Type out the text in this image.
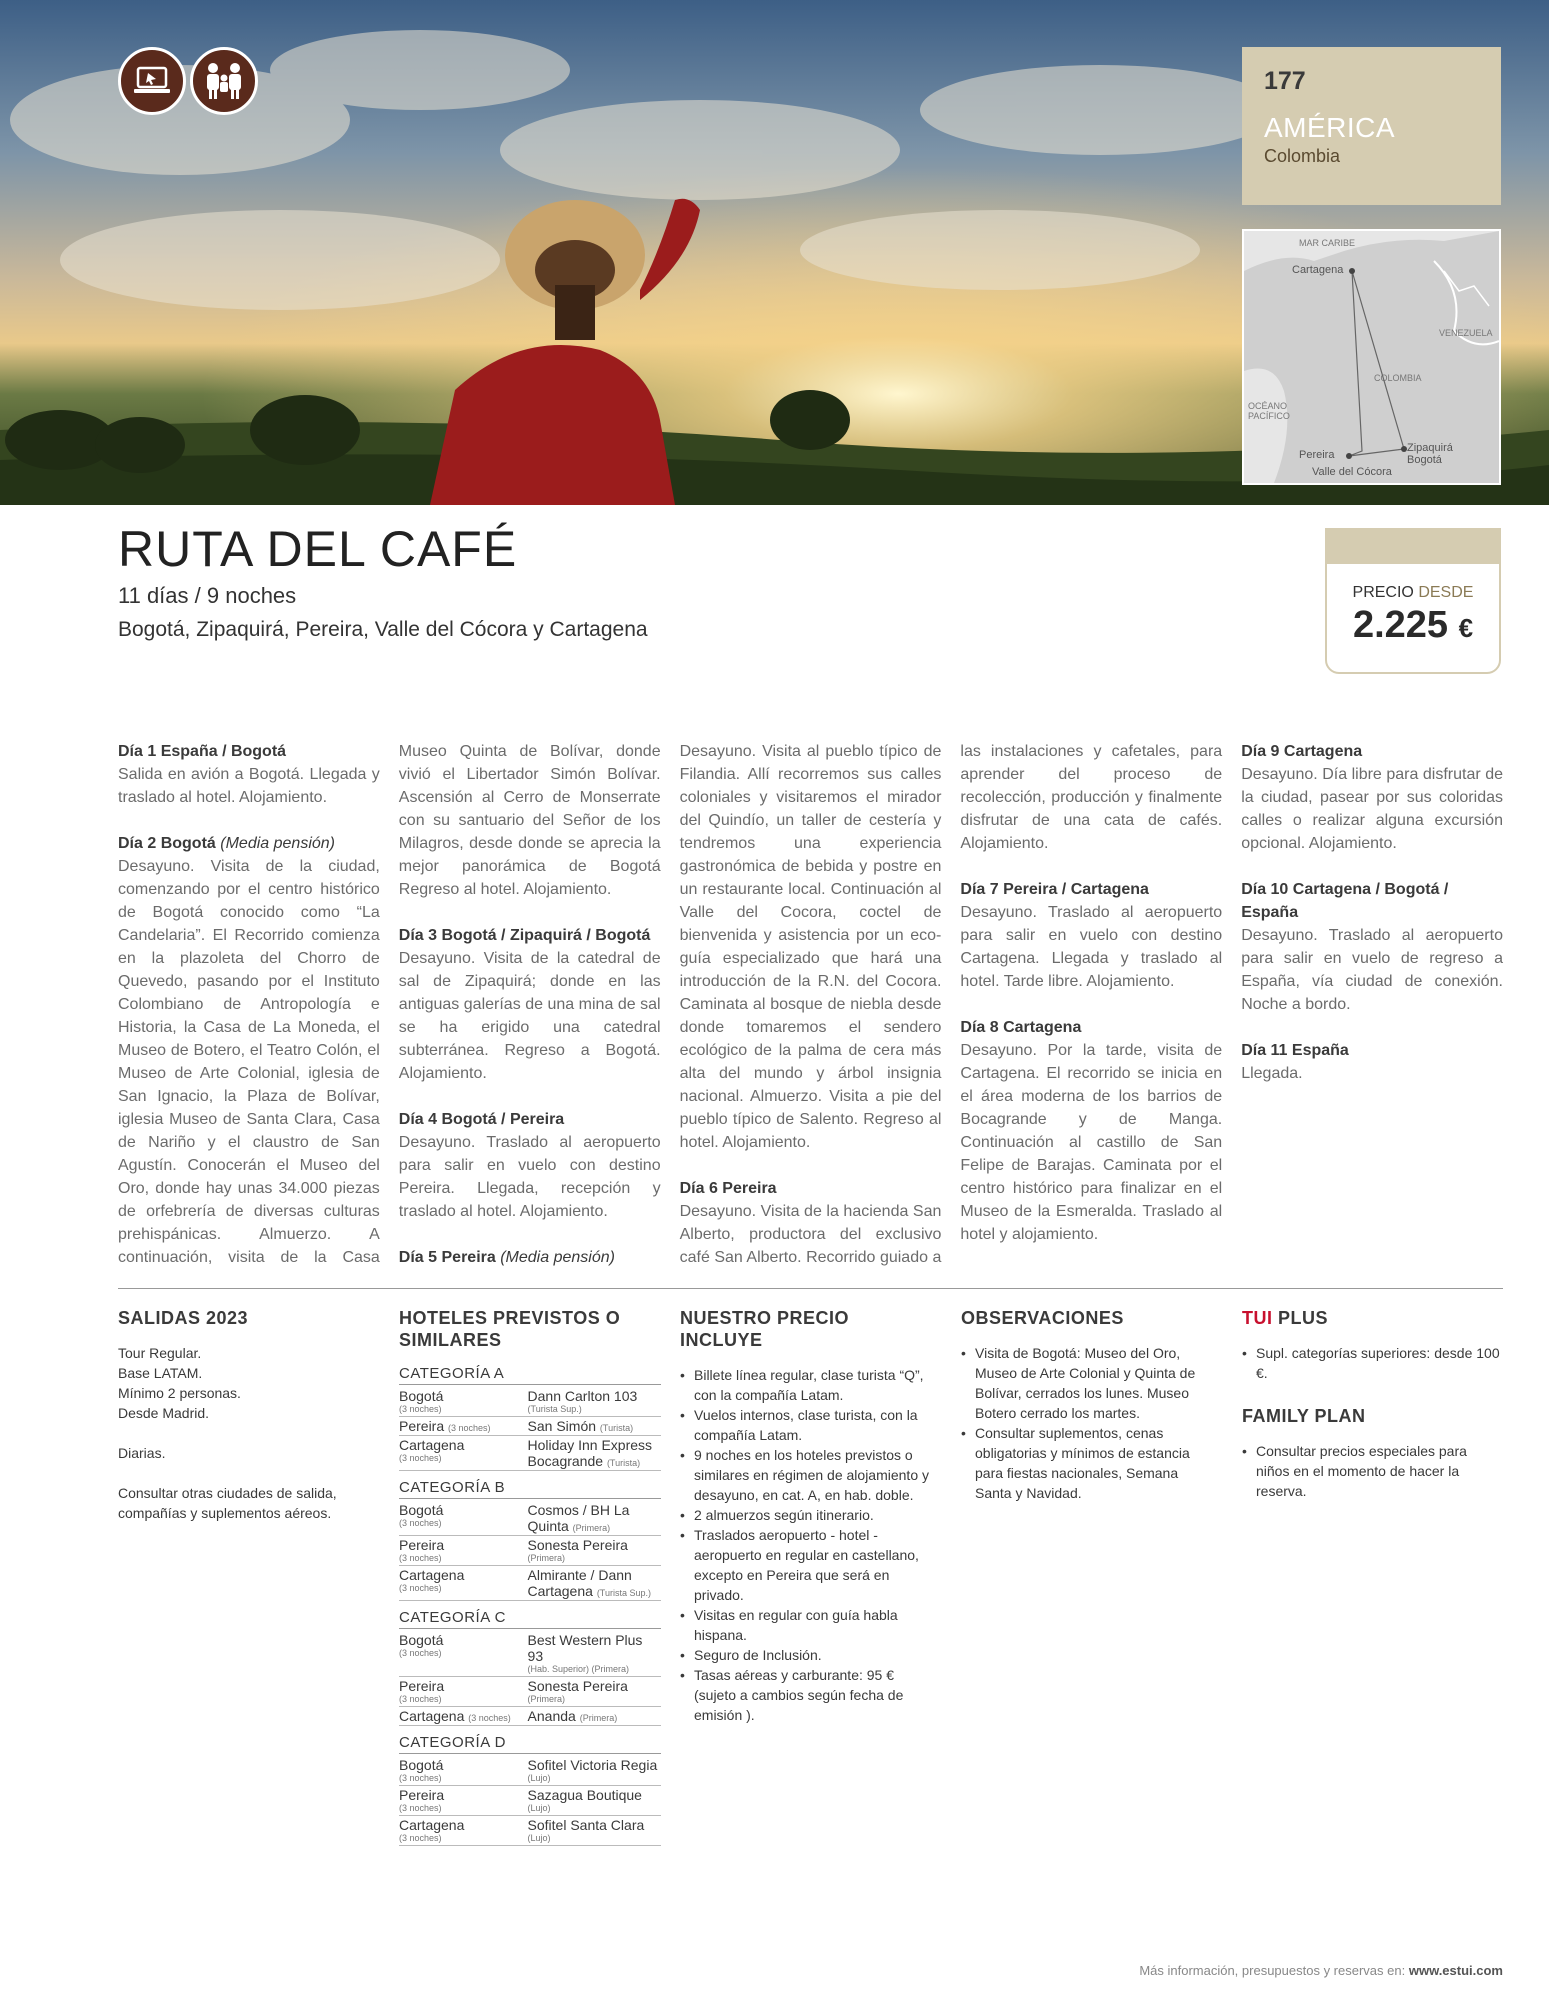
177
AMÉRICA
Colombia
MAR CARIBE
VENEZUELA
COLOMBIA
OCÉANO
PACÍFICO
Cartagena
Pereira
Zipaquirá
Bogotá
Valle del Cócora
RUTA DEL CAFÉ
11 días / 9 noches
Bogotá, Zipaquirá, Pereira, Valle del Cócora y Cartagena
PRECIO DESDE
2.225 €
Día 1 España / Bogotá
Salida en avión a Bogotá. Llegada y traslado al hotel. Alojamiento.
Día 2 Bogotá (Media pensión)
Desayuno. Visita de la ciudad, comenzando por el centro histórico de Bogotá conocido como “La Candelaria”. El Recorrido comienza en la plazoleta del Chorro de Quevedo, pasando por el Instituto Colombiano de Antropología e Historia, la Casa de La Moneda, el Museo de Botero, el Teatro Colón, el Museo de Arte Colonial, iglesia de San Ignacio, la Plaza de Bolívar, iglesia Museo de Santa Clara, Casa de Nariño y el claustro de San Agustín. Conocerán el Museo del Oro, donde hay unas 34.000 piezas de orfebrería de diversas culturas prehispánicas. Almuerzo. A continuación, visita de la Casa Museo Quinta de Bolívar, donde vivió el Libertador Simón Bolívar. Ascensión al Cerro de Monserrate con su santuario del Señor de los Milagros, desde donde se aprecia la mejor panorámica de Bogotá Regreso al hotel. Alojamiento.
Día 3 Bogotá / Zipaquirá / Bogotá
Desayuno. Visita de la catedral de sal de Zipaquirá; donde en las antiguas galerías de una mina de sal se ha erigido una catedral subterránea. Regreso a Bogotá. Alojamiento.
Día 4 Bogotá / Pereira
Desayuno. Traslado al aeropuerto para salir en vuelo con destino Pereira. Llegada, recepción y traslado al hotel. Alojamiento.
Día 5 Pereira (Media pensión)
Desayuno. Visita al pueblo típico de Filandia. Allí recorremos sus calles coloniales y visitaremos el mirador del Quindío, un taller de cestería y tendremos una experiencia gastronómica de bebida y postre en un restaurante local. Continuación al Valle del Cocora, coctel de bienvenida y asistencia por un eco-guía especializado que hará una introducción de la R.N. del Cocora. Caminata al bosque de niebla desde donde tomaremos el sendero ecológico de la palma de cera más alta del mundo y árbol insignia nacional. Almuerzo. Visita a pie del pueblo típico de Salento. Regreso al hotel. Alojamiento.
Día 6 Pereira
Desayuno. Visita de la hacienda San Alberto, productora del exclusivo café San Alberto. Recorrido guiado a las instalaciones y cafetales, para aprender del proceso de recolección, producción y finalmente disfrutar de una cata de cafés. Alojamiento.
Día 7 Pereira / Cartagena
Desayuno. Traslado al aeropuerto para salir en vuelo con destino Cartagena. Llegada y traslado al hotel. Tarde libre. Alojamiento.
Día 8 Cartagena
Desayuno. Por la tarde, visita de Cartagena. El recorrido se inicia en el área moderna de los barrios de Bocagrande y de Manga. Continuación al castillo de San Felipe de Barajas. Caminata por el centro histórico para finalizar en el Museo de la Esmeralda. Traslado al hotel y alojamiento.
Día 9 Cartagena
Desayuno. Día libre para disfrutar de la ciudad, pasear por sus coloridas calles o realizar alguna excursión opcional. Alojamiento.
Día 10 Cartagena / Bogotá / España
Desayuno. Traslado al aeropuerto para salir en vuelo de regreso a España, vía ciudad de conexión. Noche a bordo.
Día 11 España
Llegada.
SALIDAS 2023

Tour Regular.

Base LATAM.

Mínimo 2 personas.

Desde Madrid.

Diarias.

Consultar otras ciudades de salida, compañías y suplementos aéreos.

HOTELES PREVISTOS O SIMILARES
CATEGORÍA A
Bogotá
(3 noches)
Dann Carlton 103
(Turista Sup.)
Pereira (3 noches)	San Simón (Turista)
Cartagena
(3 noches)
Holiday Inn Express Bocagrande (Turista)
CATEGORÍA B
Bogotá
(3 noches)
Cosmos / BH La Quinta (Primera)
Pereira
(3 noches)
Sonesta Pereira
(Primera)
Cartagena
(3 noches)
Almirante / Dann Cartagena (Turista Sup.)
CATEGORÍA C
Bogotá
(3 noches)
Best Western Plus 93
(Hab. Superior) (Primera)
Pereira
(3 noches)
Sonesta Pereira
(Primera)
Cartagena (3 noches)	Ananda (Primera)
CATEGORÍA D
Bogotá
(3 noches)
Sofitel Victoria Regia
(Lujo)
Pereira
(3 noches)
Sazagua Boutique
(Lujo)
Cartagena
(3 noches)
Sofitel Santa Clara
(Lujo)
NUESTRO PRECIO INCLUYE
• Billete línea regular, clase turista “Q”, con la compañía Latam.
• Vuelos internos, clase turista, con la compañía Latam.
• 9 noches en los hoteles previstos o similares en régimen de alojamiento y desayuno, en cat. A, en hab. doble.
• 2 almuerzos según itinerario.
• Traslados aeropuerto - hotel - aeropuerto en regular en castellano, excepto en Pereira que será en privado.
• Visitas en regular con guía habla hispana.
• Seguro de Inclusión.
• Tasas aéreas y carburante: 95 € (sujeto a cambios según fecha de emisión ).
OBSERVACIONES
• Visita de Bogotá: Museo del Oro, Museo de Arte Colonial y Quinta de Bolívar, cerrados los lunes. Museo Botero cerrado los martes.
• Consultar suplementos, cenas obligatorias y mínimos de estancia para fiestas nacionales, Semana Santa y Navidad.
TUI PLUS
• Supl. categorías superiores: desde 100 €.
FAMILY PLAN
• Consultar precios especiales para niños en el momento de hacer la reserva.
Más información, presupuestos y reservas en: www.estui.com
